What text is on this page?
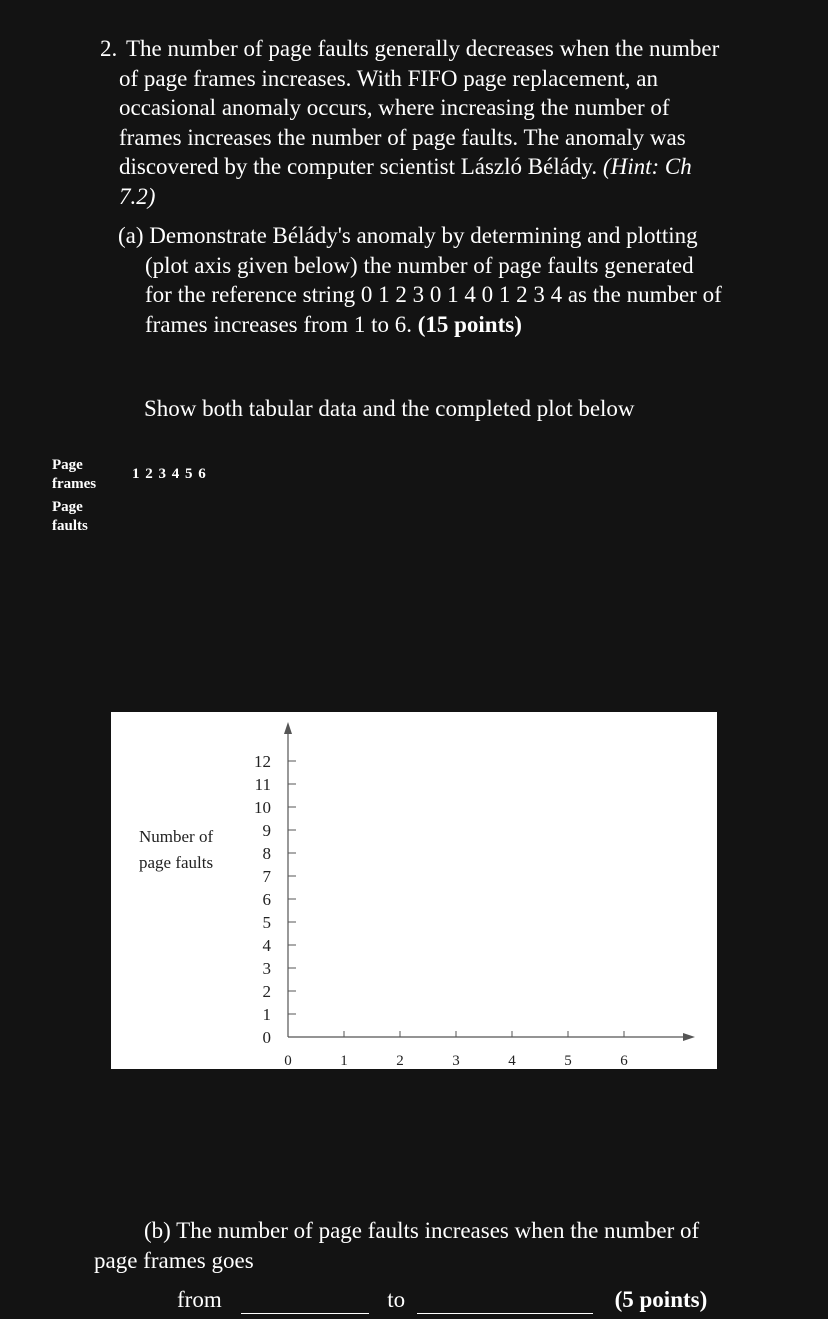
2. The number of page faults generally decreases when the number
of page frames increases. With FIFO page replacement, an
occasional anomaly occurs, where increasing the number of
frames increases the number of page faults. The anomaly was
discovered by the computer scientist László Bélády. (Hint: Ch
7.2)
(a) Demonstrate Bélády's anomaly by determining and plotting
(plot axis given below) the number of page faults generated
for the reference string 0 1 2 3 0 1 4 0 1 2 3 4 as the number of
frames increases from 1 to 6. (15 points)
Show both tabular data and the completed plot below
Page
frames
1 2 3 4 5 6
Page
faults
Number of
page faults
0
1
2
3
4
5
6
7
8
9
10
11
12
0	1	2	3	4	5	6
(b) The number of page faults increases when the number of
page frames goes
from	to	(5 points)
